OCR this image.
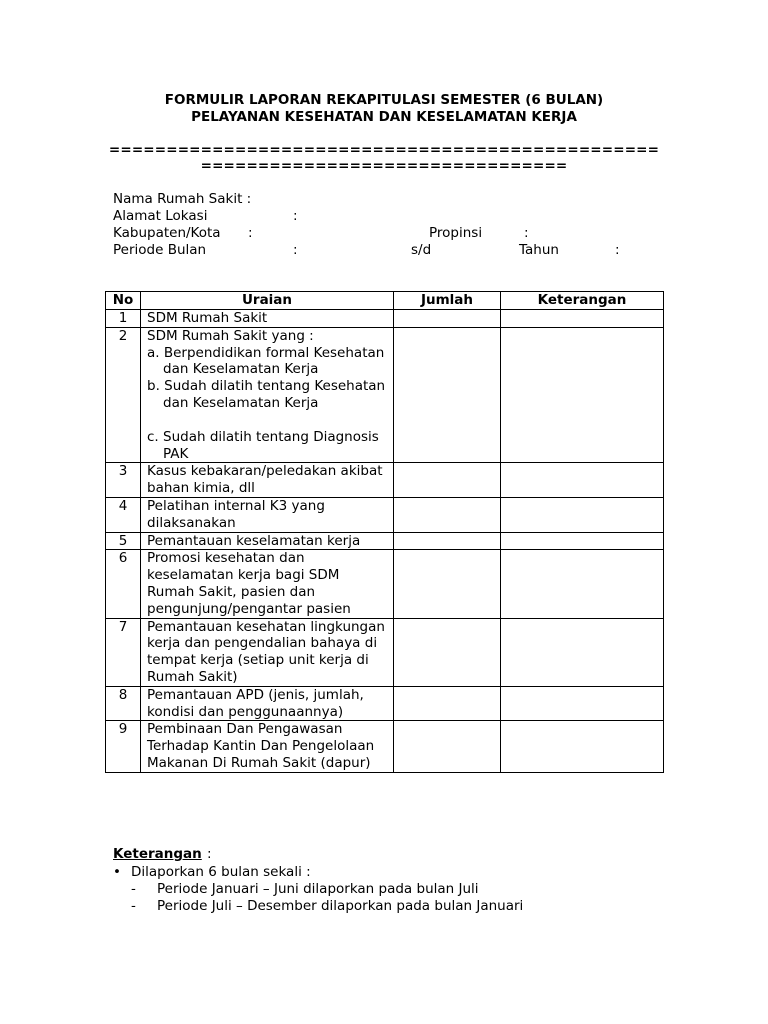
FORMULIR LAPORAN REKAPITULASI SEMESTER (6 BULAN)
PELAYANAN KESEHATAN DAN KESELAMATAN KERJA
================================================
================================
Nama Rumah Sakit :
Alamat Lokasi	:
Kabupaten/Kota :	Propinsi	:
Periode Bulan	:	s/d	Tahun	:
No	Uraian	Jumlah	Keterangan
1	SDM Rumah Sakit		
2	SDM Rumah Sakit yang :
a. Berpendidikan formal Kesehatan dan Keselamatan Kerja
b. Sudah dilatih tentang Kesehatan dan Keselamatan Kerja
c. Sudah dilatih tentang Diagnosis PAK		

3	Kasus kebakaran/peledakan akibat bahan kimia, dll		
4	Pelatihan internal K3 yang dilaksanakan		
5	Pemantauan keselamatan kerja		
6	Promosi kesehatan dan keselamatan kerja bagi SDM Rumah Sakit, pasien dan pengunjung/pengantar pasien		
7	Pemantauan kesehatan lingkungan kerja dan pengendalian bahaya di tempat kerja (setiap unit kerja di Rumah Sakit)		
8	Pemantauan APD (jenis, jumlah, kondisi dan penggunaannya)		
9	Pembinaan Dan Pengawasan Terhadap Kantin Dan Pengelolaan Makanan Di Rumah Sakit (dapur)		
Keterangan :
• Dilaporkan 6 bulan sekali :
- Periode Januari – Juni dilaporkan pada bulan Juli
- Periode Juli – Desember dilaporkan pada bulan Januari
